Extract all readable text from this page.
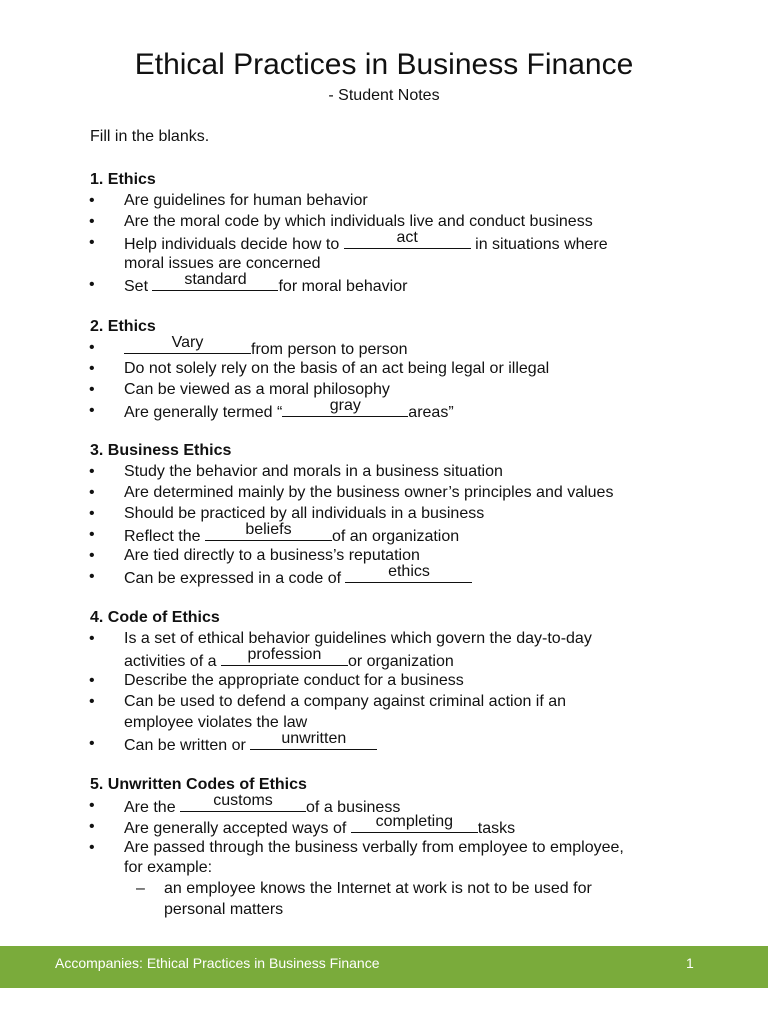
Ethical Practices in Business Finance
- Student Notes
Fill in the blanks.
1. Ethics
• Are guidelines for human behavior
• Are the moral code by which individuals live and conduct business
• Help individuals decide how to	act	in situations where
moral issues are concerned
• Set	standard	for moral behavior
2. Ethics
•	Vary	from person to person
• Do not solely rely on the basis of an act being legal or illegal
• Can be viewed as a moral philosophy
• Are generally termed “	gray	areas”
3. Business Ethics
• Study the behavior and morals in a business situation
• Are determined mainly by the business owner’s principles and values
• Should be practiced by all individuals in a business
• Reflect the	beliefs	of an organization
• Are tied directly to a business’s reputation
• Can be expressed in a code of	ethics
4. Code of Ethics
• Is a set of ethical behavior guidelines which govern the day-to-day
activities of a	profession	or organization
• Describe the appropriate conduct for a business
• Can be used to defend a company against criminal action if an
employee violates the law
• Can be written or	unwritten
5. Unwritten Codes of Ethics
• Are the	customs	of a business
• Are generally accepted ways of	completing	tasks
• Are passed through the business verbally from employee to employee,
for example:
– an employee knows the Internet at work is not to be used for
personal matters
Accompanies: Ethical Practices in Business Finance	1
